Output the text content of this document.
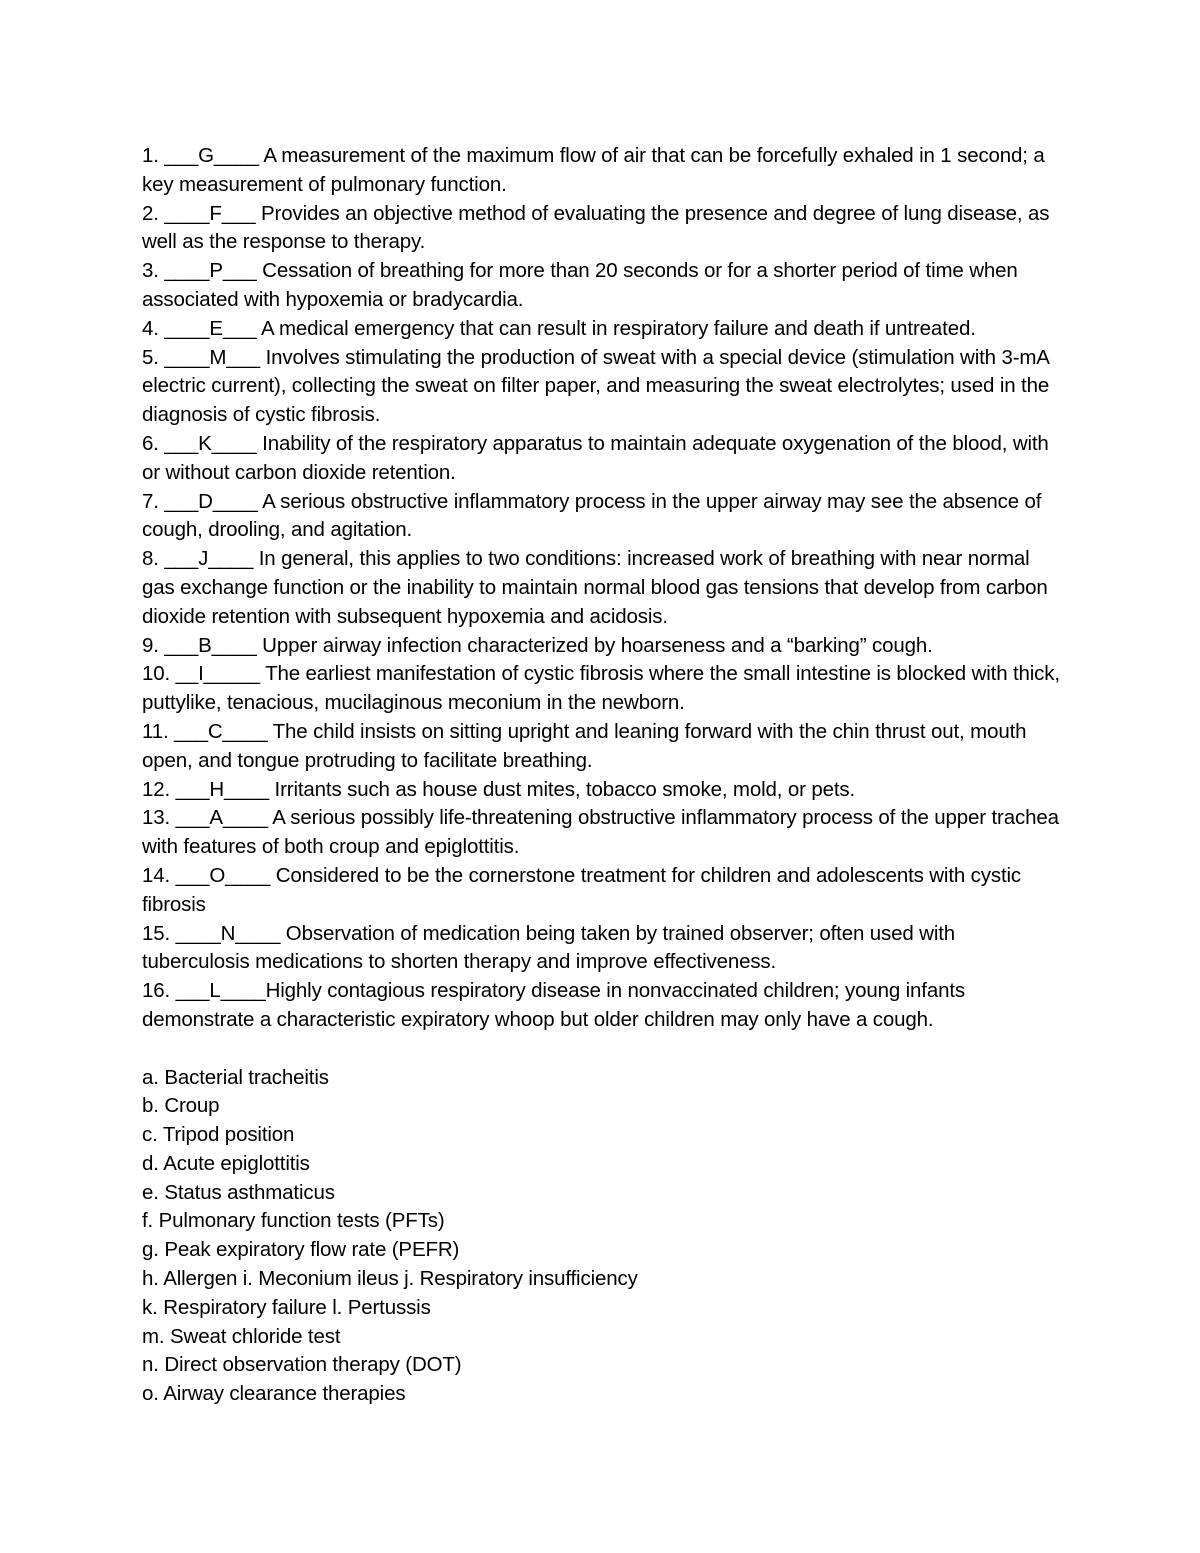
1. ___G____ A measurement of the maximum flow of air that can be forcefully exhaled in 1 second; a key measurement of pulmonary function.
2. ____F___ Provides an objective method of evaluating the presence and degree of lung disease, as well as the response to therapy.
3. ____P___ Cessation of breathing for more than 20 seconds or for a shorter period of time when associated with hypoxemia or bradycardia.
4. ____E___ A medical emergency that can result in respiratory failure and death if untreated.
5. ____M___ Involves stimulating the production of sweat with a special device (stimulation with 3-mA electric current), collecting the sweat on filter paper, and measuring the sweat electrolytes; used in the diagnosis of cystic fibrosis.
6. ___K____ Inability of the respiratory apparatus to maintain adequate oxygenation of the blood, with or without carbon dioxide retention.
7. ___D____ A serious obstructive inflammatory process in the upper airway may see the absence of cough, drooling, and agitation.
8. ___J____ In general, this applies to two conditions: increased work of breathing with near normal gas exchange function or the inability to maintain normal blood gas tensions that develop from carbon dioxide retention with subsequent hypoxemia and acidosis.
9. ___B____ Upper airway infection characterized by hoarseness and a “barking” cough.
10. __I_____ The earliest manifestation of cystic fibrosis where the small intestine is blocked with thick, puttylike, tenacious, mucilaginous meconium in the newborn.
11. ___C____ The child insists on sitting upright and leaning forward with the chin thrust out, mouth open, and tongue protruding to facilitate breathing.
12. ___H____ Irritants such as house dust mites, tobacco smoke, mold, or pets.
13. ___A____ A serious possibly life-threatening obstructive inflammatory process of the upper trachea with features of both croup and epiglottitis.
14. ___O____ Considered to be the cornerstone treatment for children and adolescents with cystic fibrosis
15. ____N____ Observation of medication being taken by trained observer; often used with tuberculosis medications to shorten therapy and improve effectiveness.
16. ___L____Highly contagious respiratory disease in nonvaccinated children; young infants demonstrate a characteristic expiratory whoop but older children may only have a cough.
a. Bacterial tracheitis
b. Croup
c. Tripod position
d. Acute epiglottitis
e. Status asthmaticus
f. Pulmonary function tests (PFTs)
g. Peak expiratory flow rate (PEFR)
h. Allergen i. Meconium ileus j. Respiratory insufficiency
k. Respiratory failure l. Pertussis
m. Sweat chloride test
n. Direct observation therapy (DOT)
o. Airway clearance therapies
